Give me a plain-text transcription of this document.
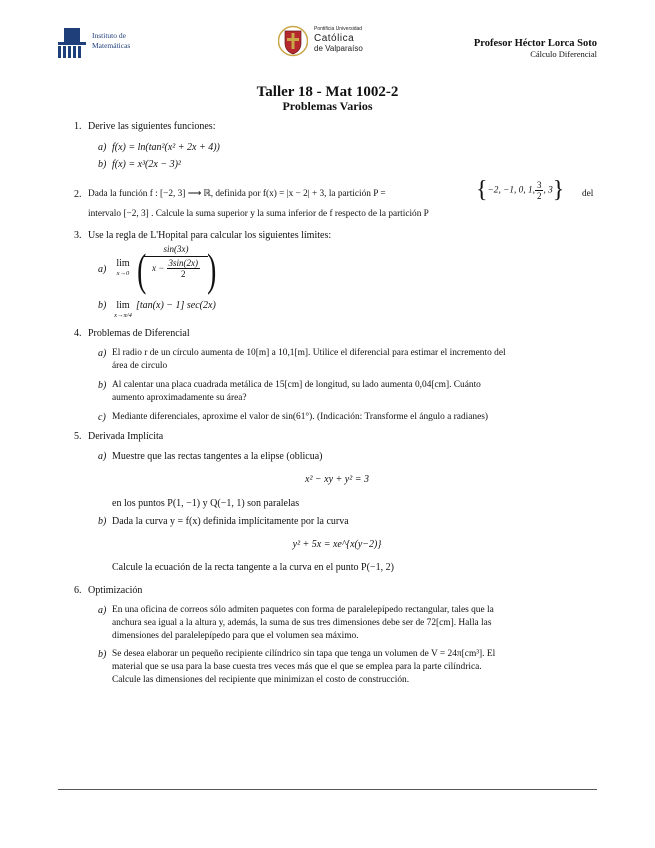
Instituto de
Matemáticas
Pontificia Universidad
Católica
de Valparaíso	Profesor Héctor Lorca Soto
Cálculo Diferencial
Taller 18 - Mat 1002-2
Problemas Varios
1. Derive las siguientes funciones:
a) f(x) = ln(tan²(x² + 2x + 4))
b) f(x) = x³(2x − 3)²
2. Dada la función f : [−2, 3] ⟶ ℝ, definida por f(x) = |x − 2| + 3, la partición P =	{−2, −1, 0, 1, $\frac{3}{2}$ , 3} del
intervalo [−2, 3] . Calcule la suma superior y la suma inferior de f respecto de la partición P
3. Use la regla de L'Hopital para calcular los siguientes límites:
a)
lim
x→0 (	sin(3x)
$x - \frac{3\sin(2x)}{2}$ )
b) lim
x→π/4
[tan(x) − 1] sec(2x)
4. Problemas de Diferencial
a) El radio r de un círculo aumenta de 10[m] a 10,1[m]. Utilice el diferencial para estimar el incremento del
área de circulo
b) Al calentar una placa cuadrada metálica de 15[cm] de longitud, su lado aumenta 0,04[cm]. Cuánto
aumento aproximadamente su área?
c) Mediante diferenciales, aproxime el valor de sin(61°). (Indicación: Transforme el ángulo a radianes)
5. Derivada Implícita
a) Muestre que las rectas tangentes a la elipse (oblicua)
x² − xy + y² = 3
en los puntos P(1, −1) y Q(−1, 1) son paralelas
b) Dada la curva y = f(x) definida implícitamente por la curva
y² + 5x = xe^{x(y−2)}
Calcule la ecuación de la recta tangente a la curva en el punto P(−1, 2)
6. Optimización
a) En una oficina de correos sólo admiten paquetes con forma de paralelepípedo rectangular, tales que la
anchura sea igual a la altura y, además, la suma de sus tres dimensiones debe ser de 72[cm]. Halla las
dimensiones del paralelepípedo para que el volumen sea máximo.
b) Se desea elaborar un pequeño recipiente cilíndrico sin tapa que tenga un volumen de V = 24π[cm³]. El
material que se usa para la base cuesta tres veces más que el que se emplea para la parte cilíndrica.
Calcule las dimensiones del recipiente que minimizan el costo de construcción.
